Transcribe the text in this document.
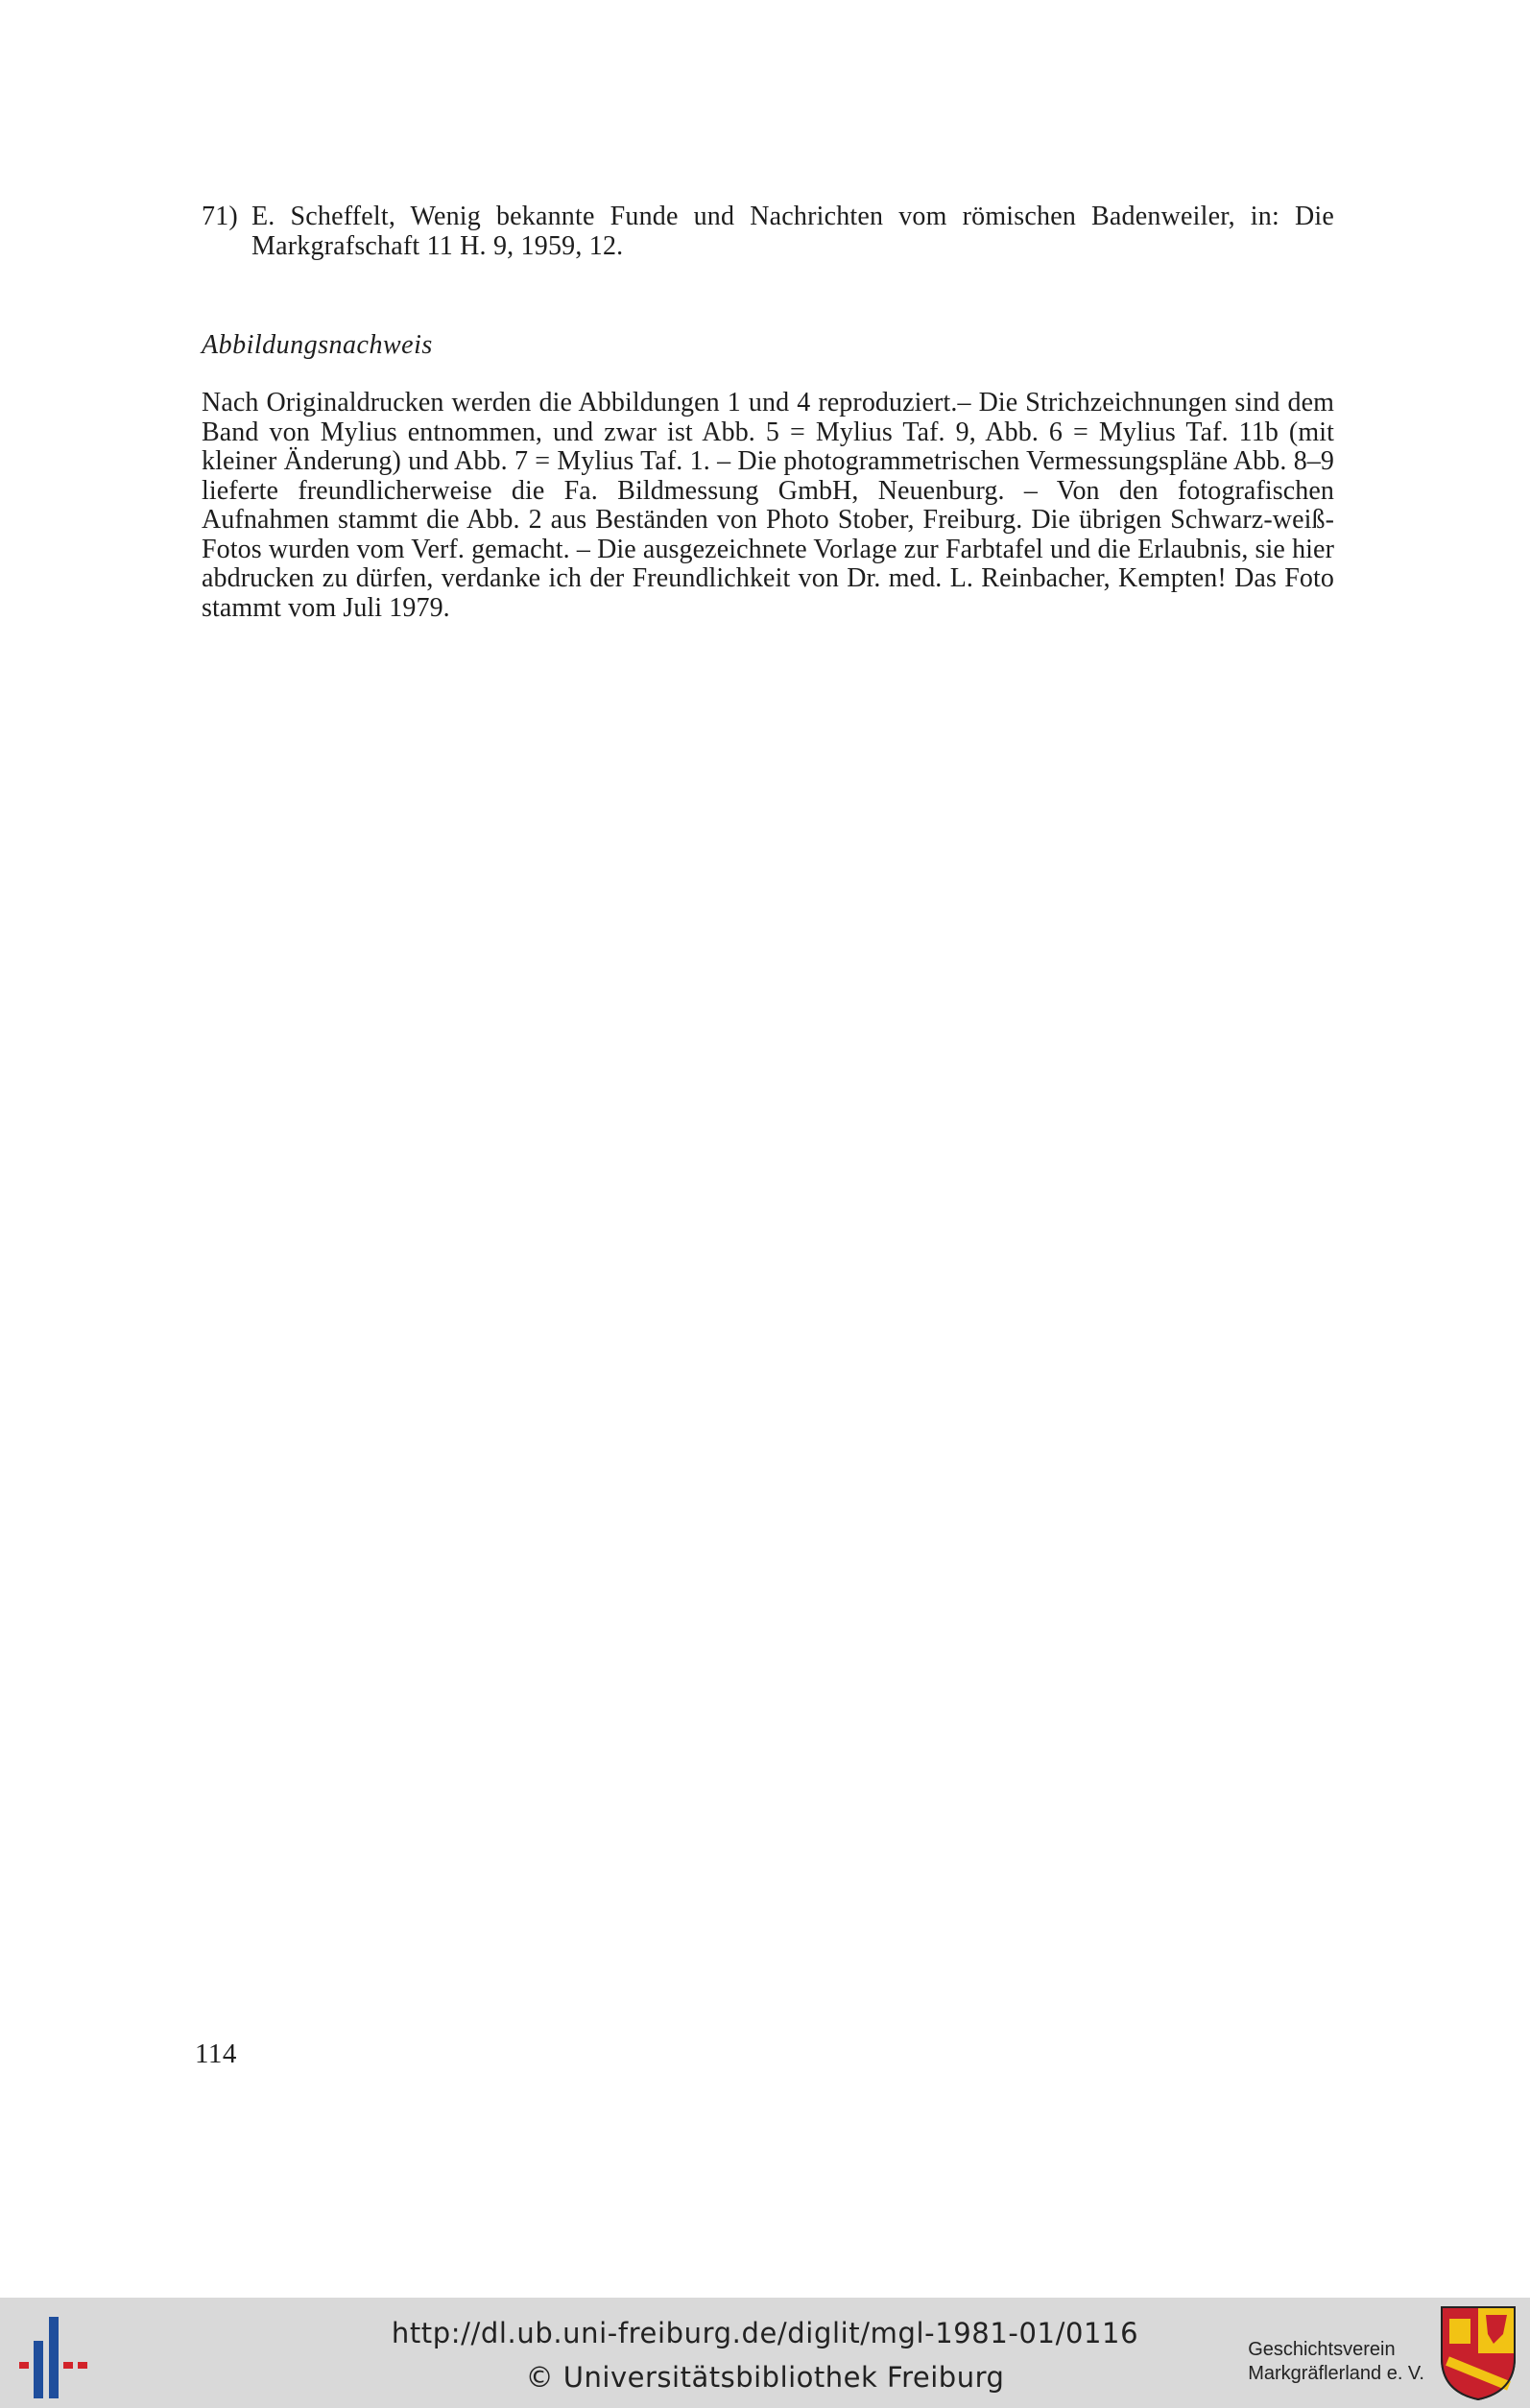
71) E. Scheffelt, Wenig bekannte Funde und Nachrichten vom römischen Badenweiler, in: Die Markgrafschaft 11 H. 9, 1959, 12.
Abbildungsnachweis
Nach Originaldrucken werden die Abbildungen 1 und 4 reproduziert.– Die Strichzeichnungen sind dem Band von Mylius entnommen, und zwar ist Abb. 5 = Mylius Taf. 9, Abb. 6 = Mylius Taf. 11b (mit kleiner Änderung) und Abb. 7 = Mylius Taf. 1. – Die photogrammetrischen Vermessungspläne Abb. 8–9 lieferte freundlicherweise die Fa. Bildmessung GmbH, Neuenburg. – Von den fotografischen Aufnahmen stammt die Abb. 2 aus Beständen von Photo Stober, Freiburg. Die übrigen Schwarz-weiß-Fotos wurden vom Verf. gemacht. – Die ausgezeichnete Vorlage zur Farbtafel und die Erlaubnis, sie hier abdrucken zu dürfen, verdanke ich der Freundlichkeit von Dr. med. L. Reinbacher, Kempten! Das Foto stammt vom Juli 1979.
114
http://dl.ub.uni-freiburg.de/diglit/mgl-1981-01/0116
© Universitätsbibliothek Freiburg
Geschichtsverein
Markgräflerland e. V.
